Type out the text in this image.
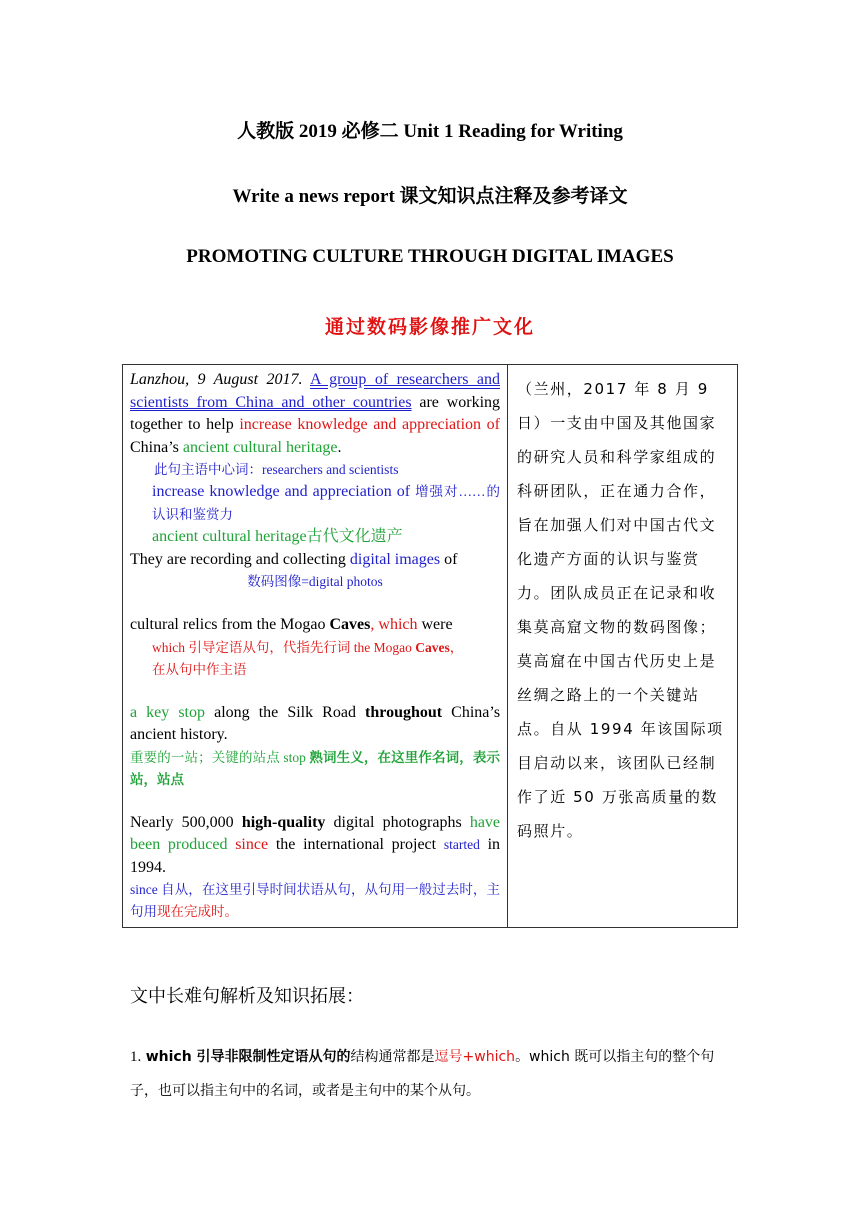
人教版 2019 必修二 Unit 1 Reading for Writing
Write a news report 课文知识点注释及参考译文
PROMOTING CULTURE THROUGH DIGITAL IMAGES
通过数码影像推广文化
Lanzhou, 9 August 2017. A group of researchers and scientists from China and other countries are working together to help increase knowledge and appreciation of China’s ancient cultural heritage.
此句主语中心词：researchers and scientists
increase knowledge and appreciation of 增强对……的认识和鉴赏力
ancient cultural heritage古代文化遗产
They are recording and collecting digital images of
数码图像=digital photos
cultural relics from the Mogao Caves, which were
which 引导定语从句，代指先行词 the Mogao Caves，
在从句中作主语
a key stop along the Silk Road throughout China’s ancient history.
重要的一站；关键的站点 stop 熟词生义，在这里作名词，表示站，站点
Nearly 500,000 high-quality digital photographs have been produced since the international project started in 1994.
since 自从，在这里引导时间状语从句，从句用一般过去时，主句用现在完成时。
	（兰州，2017 年 8 月 9 日）一支由中国及其他国家的研究人员和科学家组成的科研团队，正在通力合作，旨在加强人们对中国古代文化遗产方面的认识与鉴赏力。团队成员正在记录和收集莫高窟文物的数码图像；莫高窟在中国古代历史上是丝绸之路上的一个关键站点。自从 1994 年该国际项目启动以来，该团队已经制作了近 50 万张高质量的数码照片。
文中长难句解析及知识拓展：
1. which 引导非限制性定语从句的结构通常都是逗号+which。which 既可以指主句的整个句子，也可以指主句中的名词，或者是主句中的某个从句。
